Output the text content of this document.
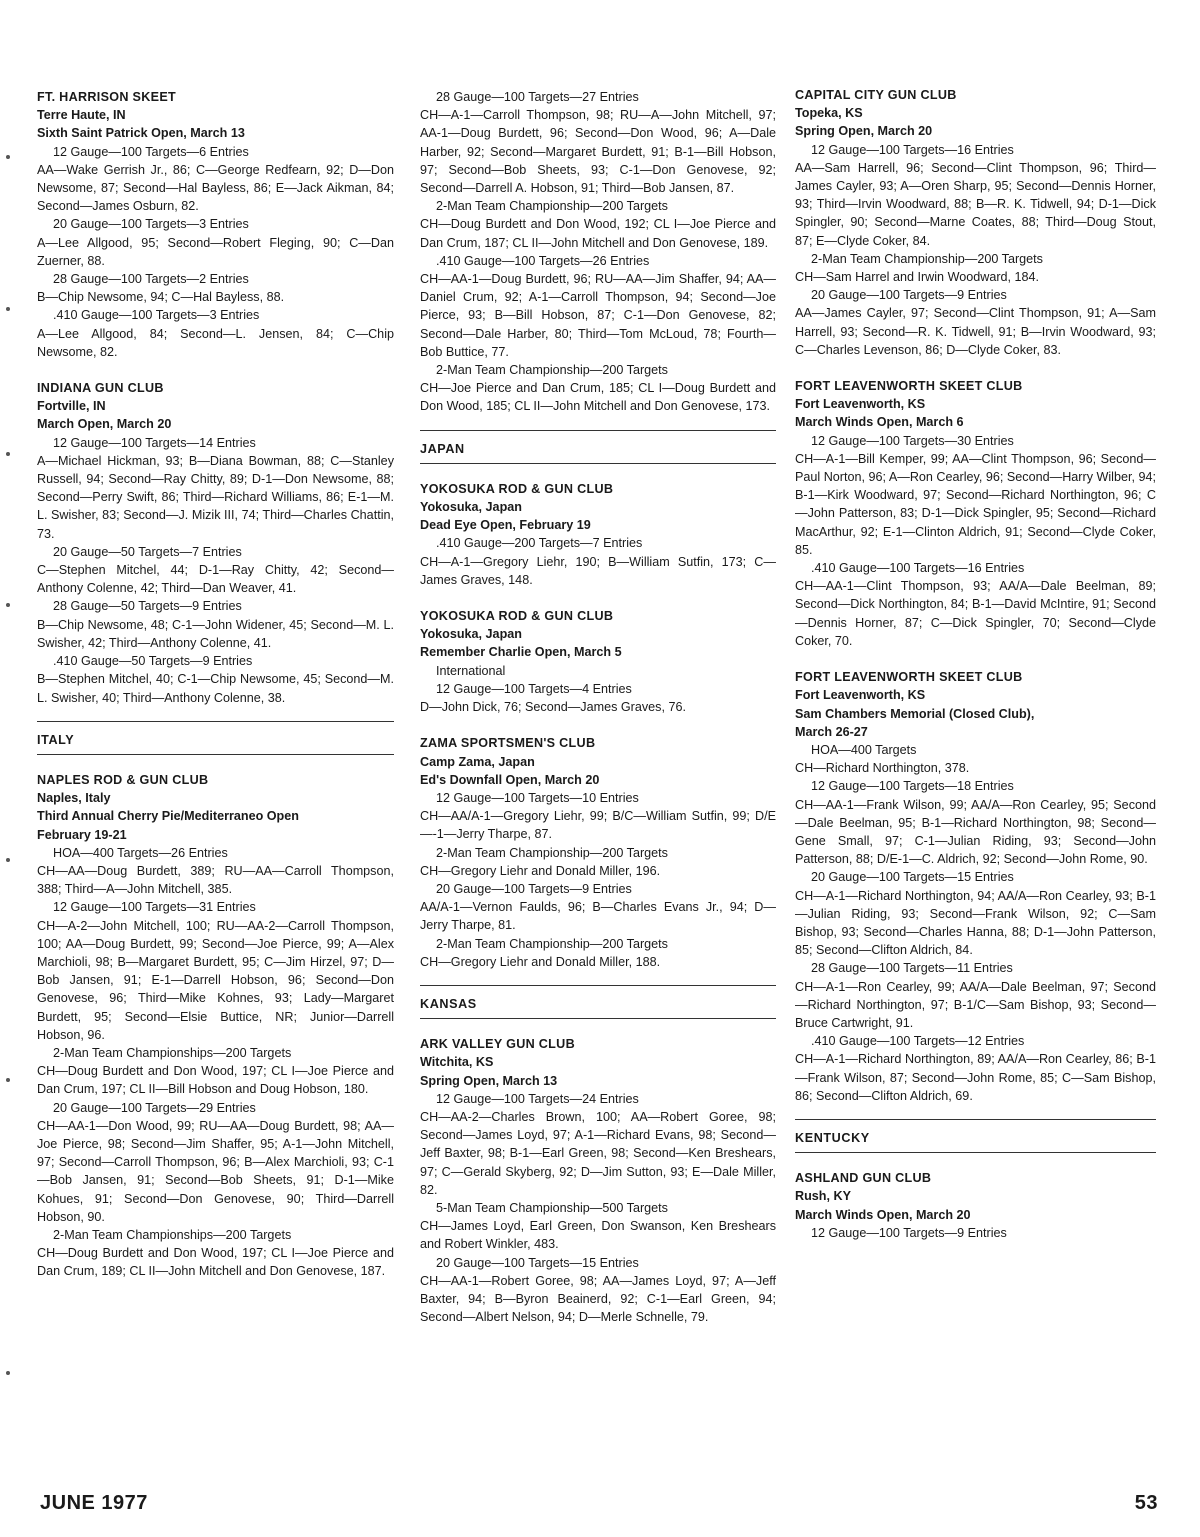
FT. HARRISON SKEET
Terre Haute, IN
Sixth Saint Patrick Open, March 13
12 Gauge—100 Targets—6 Entries
AA—Wake Gerrish Jr., 86; C—George Redfearn, 92; D—Don Newsome, 87; Second—Hal Bayless, 86; E—Jack Aikman, 84; Second—James Osburn, 82.
20 Gauge—100 Targets—3 Entries
A—Lee Allgood, 95; Second—Robert Fleging, 90; C—Dan Zuerner, 88.
28 Gauge—100 Targets—2 Entries
B—Chip Newsome, 94; C—Hal Bayless, 88.
.410 Gauge—100 Targets—3 Entries
A—Lee Allgood, 84; Second—L. Jensen, 84; C—Chip Newsome, 82.
INDIANA GUN CLUB
Fortville, IN
March Open, March 20
12 Gauge—100 Targets—14 Entries
A—Michael Hickman, 93; B—Diana Bowman, 88; C—Stanley Russell, 94; Second—Ray Chitty, 89; D-1—Don Newsome, 88; Second—Perry Swift, 86; Third—Richard Williams, 86; E-1—M. L. Swisher, 83; Second—J. Mizik III, 74; Third—Charles Chattin, 73.
20 Gauge—50 Targets—7 Entries
C—Stephen Mitchel, 44; D-1—Ray Chitty, 42; Second—Anthony Colenne, 42; Third—Dan Weaver, 41.
28 Gauge—50 Targets—9 Entries
B—Chip Newsome, 48; C-1—John Widener, 45; Second—M. L. Swisher, 42; Third—Anthony Colenne, 41.
.410 Gauge—50 Targets—9 Entries
B—Stephen Mitchel, 40; C-1—Chip Newsome, 45; Second—M. L. Swisher, 40; Third—Anthony Colenne, 38.
ITALY
NAPLES ROD & GUN CLUB
Naples, Italy
Third Annual Cherry Pie/Mediterraneo Open
February 19-21
HOA—400 Targets—26 Entries
CH—AA—Doug Burdett, 389; RU—AA—Carroll Thompson, 388; Third—A—John Mitchell, 385.
12 Gauge—100 Targets—31 Entries
CH—A-2—John Mitchell, 100; RU—AA-2—Carroll Thompson, 100; AA—Doug Burdett, 99; Second—Joe Pierce, 99; A—Alex Marchioli, 98; B—Margaret Burdett, 95; C—Jim Hirzel, 97; D—Bob Jansen, 91; E-1—Darrell Hobson, 96; Second—Don Genovese, 96; Third—Mike Kohnes, 93; Lady—Margaret Burdett, 95; Second—Elsie Buttice, NR; Junior—Darrell Hobson, 96.
2-Man Team Championships—200 Targets
CH—Doug Burdett and Don Wood, 197; CL I—Joe Pierce and Dan Crum, 197; CL II—Bill Hobson and Doug Hobson, 180.
20 Gauge—100 Targets—29 Entries
CH—AA-1—Don Wood, 99; RU—AA—Doug Burdett, 98; AA—Joe Pierce, 98; Second—Jim Shaffer, 95; A-1—John Mitchell, 97; Second—Carroll Thompson, 96; B—Alex Marchioli, 93; C-1—Bob Jansen, 91; Second—Bob Sheets, 91; D-1—Mike Kohues, 91; Second—Don Genovese, 90; Third—Darrell Hobson, 90.
2-Man Team Championships—200 Targets
CH—Doug Burdett and Don Wood, 197; CL I—Joe Pierce and Dan Crum, 189; CL II—John Mitchell and Don Genovese, 187.
28 Gauge—100 Targets—27 Entries
CH—A-1—Carroll Thompson, 98; RU—A—John Mitchell, 97; AA-1—Doug Burdett, 96; Second—Don Wood, 96; A—Dale Harber, 92; Second—Margaret Burdett, 91; B-1—Bill Hobson, 97; Second—Bob Sheets, 93; C-1—Don Genovese, 92; Second—Darrell A. Hobson, 91; Third—Bob Jansen, 87.
2-Man Team Championship—200 Targets
CH—Doug Burdett and Don Wood, 192; CL I—Joe Pierce and Dan Crum, 187; CL II—John Mitchell and Don Genovese, 189.
.410 Gauge—100 Targets—26 Entries
CH—AA-1—Doug Burdett, 96; RU—AA—Jim Shaffer, 94; AA—Daniel Crum, 92; A-1—Carroll Thompson, 94; Second—Joe Pierce, 93; B—Bill Hobson, 87; C-1—Don Genovese, 82; Second—Dale Harber, 80; Third—Tom McLoud, 78; Fourth—Bob Buttice, 77.
2-Man Team Championship—200 Targets
CH—Joe Pierce and Dan Crum, 185; CL I—Doug Burdett and Don Wood, 185; CL II—John Mitchell and Don Genovese, 173.
JAPAN
YOKOSUKA ROD & GUN CLUB
Yokosuka, Japan
Dead Eye Open, February 19
.410 Gauge—200 Targets—7 Entries
CH—A-1—Gregory Liehr, 190; B—William Sutfin, 173; C—James Graves, 148.
YOKOSUKA ROD & GUN CLUB
Yokosuka, Japan
Remember Charlie Open, March 5
International
12 Gauge—100 Targets—4 Entries
D—John Dick, 76; Second—James Graves, 76.
ZAMA SPORTSMEN'S CLUB
Camp Zama, Japan
Ed's Downfall Open, March 20
12 Gauge—100 Targets—10 Entries
CH—AA/A-1—Gregory Liehr, 99; B/C—William Sutfin, 99; D/E—-1—Jerry Tharpe, 87.
2-Man Team Championship—200 Targets
CH—Gregory Liehr and Donald Miller, 196.
20 Gauge—100 Targets—9 Entries
AA/A-1—Vernon Faulds, 96; B—Charles Evans Jr., 94; D—Jerry Tharpe, 81.
2-Man Team Championship—200 Targets
CH—Gregory Liehr and Donald Miller, 188.
KANSAS
ARK VALLEY GUN CLUB
Witchita, KS
Spring Open, March 13
12 Gauge—100 Targets—24 Entries
CH—AA-2—Charles Brown, 100; AA—Robert Goree, 98; Second—James Loyd, 97; A-1—Richard Evans, 98; Second—Jeff Baxter, 98; B-1—Earl Green, 98; Second—Ken Breshears, 97; C—Gerald Skyberg, 92; D—Jim Sutton, 93; E—Dale Miller, 82.
5-Man Team Championship—500 Targets
CH—James Loyd, Earl Green, Don Swanson, Ken Breshears and Robert Winkler, 483.
20 Gauge—100 Targets—15 Entries
CH—AA-1—Robert Goree, 98; AA—James Loyd, 97; A—Jeff Baxter, 94; B—Byron Beainerd, 92; C-1—Earl Green, 94; Second—Albert Nelson, 94; D—Merle Schnelle, 79.
CAPITAL CITY GUN CLUB
Topeka, KS
Spring Open, March 20
12 Gauge—100 Targets—16 Entries
AA—Sam Harrell, 96; Second—Clint Thompson, 96; Third—James Cayler, 93; A—Oren Sharp, 95; Second—Dennis Horner, 93; Third—Irvin Woodward, 88; B—R. K. Tidwell, 94; D-1—Dick Spingler, 90; Second—Marne Coates, 88; Third—Doug Stout, 87; E—Clyde Coker, 84.
2-Man Team Championship—200 Targets
CH—Sam Harrel and Irwin Woodward, 184.
20 Gauge—100 Targets—9 Entries
AA—James Cayler, 97; Second—Clint Thompson, 91; A—Sam Harrell, 93; Second—R. K. Tidwell, 91; B—Irvin Woodward, 93; C—Charles Levenson, 86; D—Clyde Coker, 83.
FORT LEAVENWORTH SKEET CLUB
Fort Leavenworth, KS
March Winds Open, March 6
12 Gauge—100 Targets—30 Entries
CH—A-1—Bill Kemper, 99; AA—Clint Thompson, 96; Second—Paul Norton, 96; A—Ron Cearley, 96; Second—Harry Wilber, 94; B-1—Kirk Woodward, 97; Second—Richard Northington, 96; C—John Patterson, 83; D-1—Dick Spingler, 95; Second—Richard MacArthur, 92; E-1—Clinton Aldrich, 91; Second—Clyde Coker, 85.
.410 Gauge—100 Targets—16 Entries
CH—AA-1—Clint Thompson, 93; AA/A—Dale Beelman, 89; Second—Dick Northington, 84; B-1—David McIntire, 91; Second—Dennis Horner, 87; C—Dick Spingler, 70; Second—Clyde Coker, 70.
FORT LEAVENWORTH SKEET CLUB
Fort Leavenworth, KS
Sam Chambers Memorial (Closed Club),
March 26-27
HOA—400 Targets
CH—Richard Northington, 378.
12 Gauge—100 Targets—18 Entries
CH—AA-1—Frank Wilson, 99; AA/A—Ron Cearley, 95; Second—Dale Beelman, 95; B-1—Richard Northington, 98; Second—Gene Small, 97; C-1—Julian Riding, 93; Second—John Patterson, 88; D/E-1—C. Aldrich, 92; Second—John Rome, 90.
20 Gauge—100 Targets—15 Entries
CH—A-1—Richard Northington, 94; AA/A—Ron Cearley, 93; B-1—Julian Riding, 93; Second—Frank Wilson, 92; C—Sam Bishop, 93; Second—Charles Hanna, 88; D-1—John Patterson, 85; Second—Clifton Aldrich, 84.
28 Gauge—100 Targets—11 Entries
CH—A-1—Ron Cearley, 99; AA/A—Dale Beelman, 97; Second—Richard Northington, 97; B-1/C—Sam Bishop, 93; Second—Bruce Cartwright, 91.
.410 Gauge—100 Targets—12 Entries
CH—A-1—Richard Northington, 89; AA/A—Ron Cearley, 86; B-1—Frank Wilson, 87; Second—John Rome, 85; C—Sam Bishop, 86; Second—Clifton Aldrich, 69.
KENTUCKY
ASHLAND GUN CLUB
Rush, KY
March Winds Open, March 20
12 Gauge—100 Targets—9 Entries
JUNE 1977	53
